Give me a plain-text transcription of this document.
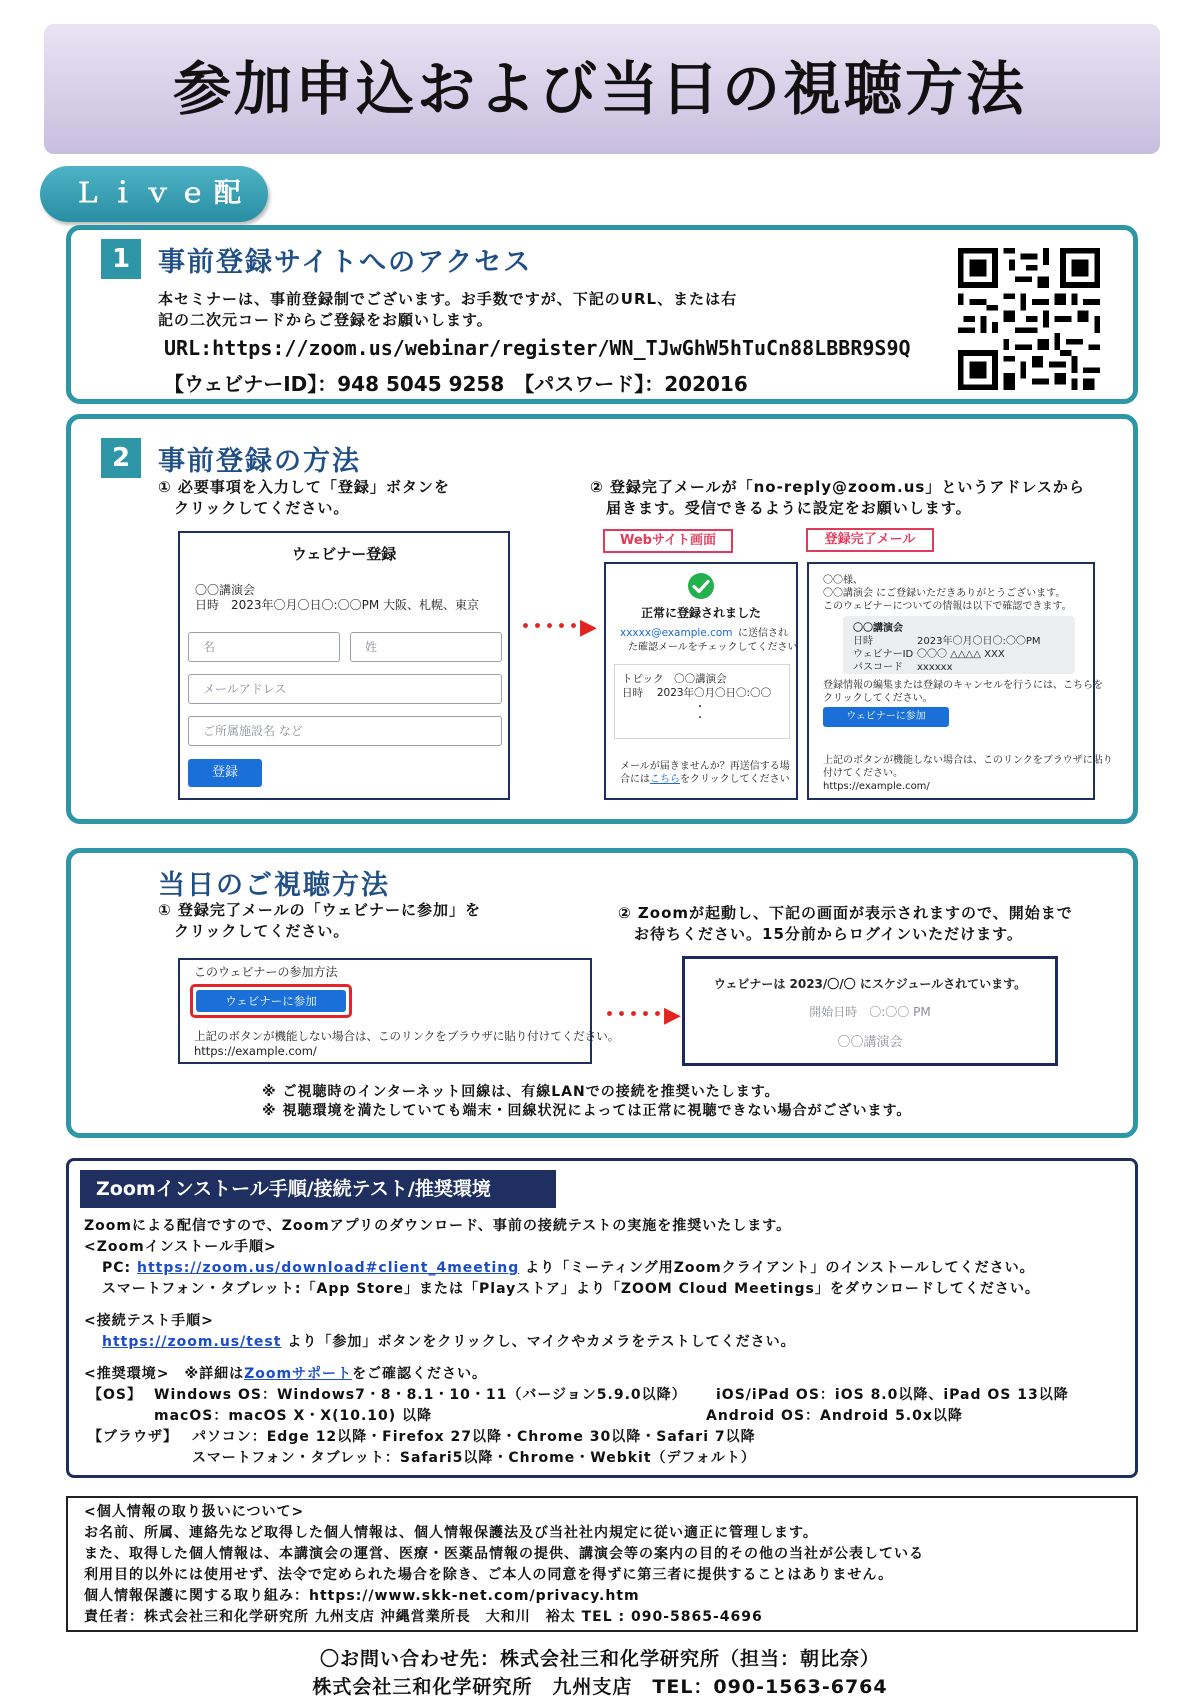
参加申込および当日の視聴方法
Ｌｉｖｅ配
1	事前登録サイトへのアクセス
本セミナーは、事前登録制でございます。お手数ですが、下記のURL、または右
記の二次元コードからご登録をお願いします。
URL:https://zoom.us/webinar/register/WN_TJwGhW5hTuCn88LBBR9S9Q
【ウェビナーID】：948 5045 9258　【パスワード】：202016
2	事前登録の方法
① 必要事項を入力して「登録」ボタンを
　クリックしてください。
② 登録完了メールが「no-reply@zoom.us」というアドレスから
　届きます。受信できるように設定をお願いします。
ウェビナー登録
〇〇講演会
日時　2023年〇月〇日〇:〇〇PM 大阪、札幌、東京
名	姓
メールアドレス
ご所属施設名 など
登録
･････▶
Webサイト画面	登録完了メール
正常に登録されました
xxxxx@example.com に送信され
た確認メールをチェックしてください
トピック　〇〇講演会
日時　 2023年〇月〇日〇:〇〇
・
・
メールが届きませんか？再送信する場
合にはこちらをクリックしてください
〇〇様、
〇〇講演会 にご登録いただきありがとうございます。
このウェビナーについての情報は以下で確認できます。
〇〇講演会
日時	2023年〇月〇日〇:〇〇PM
ウェビナーID 〇〇〇 △△△△ XXX
パスコード xxxxxx
登録情報の編集または登録のキャンセルを行うには、こちらを
クリックしてください。
ウェビナーに参加
上記のボタンが機能しない場合は、このリンクをブラウザに貼り
付けてください。
https://example.com/
当日のご視聴方法
① 登録完了メールの「ウェビナーに参加」を
　クリックしてください。
② Zoomが起動し、下記の画面が表示されますので、開始まで
　お待ちください。15分前からログインいただけます。
このウェビナーの参加方法
ウェビナーに参加
上記のボタンが機能しない場合は、このリンクをブラウザに貼り付けてください。
https://example.com/
･････▶
ウェビナーは 2023/〇/〇 にスケジュールされています。
開始日時　〇:〇〇 PM
〇〇講演会
※ ご視聴時のインターネット回線は、有線LANでの接続を推奨いたします。
※ 視聴環境を満たしていても端末・回線状況によっては正常に視聴できない場合がございます。
Zoomインストール手順/接続テスト/推奨環境
Zoomによる配信ですので、Zoomアプリのダウンロード、事前の接続テストの実施を推奨いたします。
<Zoomインストール手順>
PC: https://zoom.us/download#client_4meeting より「ミーティング用Zoomクライアント」のインストールしてください。
スマートフォン・タブレット:「App Store」または「Playストア」より「ZOOM Cloud Meetings」をダウンロードしてください。
<接続テスト手順>
https://zoom.us/test より「参加」ボタンをクリックし、マイクやカメラをテストしてください。
<推奨環境>　※詳細はZoomサポートをご確認ください。
【OS】 Windows OS：Windows7・8・8.1・10・11（バージョン5.9.0以降） iOS/iPad OS：iOS 8.0以降、iPad OS 13以降
macOS：macOS X・X(10.10) 以降	Android OS：Android 5.0x以降
【ブラウザ】 パソコン：Edge 12以降・Firefox 27以降・Chrome 30以降・Safari 7以降
スマートフォン・タブレット：Safari5以降・Chrome・Webkit（デフォルト）
<個人情報の取り扱いについて>
お名前、所属、連絡先など取得した個人情報は、個人情報保護法及び当社社内規定に従い適正に管理します。
また、取得した個人情報は、本講演会の運営、医療・医薬品情報の提供、講演会等の案内の目的その他の当社が公表している
利用目的以外には使用せず、法令で定められた場合を除き、ご本人の同意を得ずに第三者に提供することはありません。
個人情報保護に関する取り組み：https://www.skk-net.com/privacy.htm
責任者：株式会社三和化学研究所 九州支店 沖縄営業所長　大和川　裕太 TEL : 090-5865-4696
〇お問い合わせ先：株式会社三和化学研究所（担当：朝比奈）
株式会社三和化学研究所　九州支店　TEL：090-1563-6764
